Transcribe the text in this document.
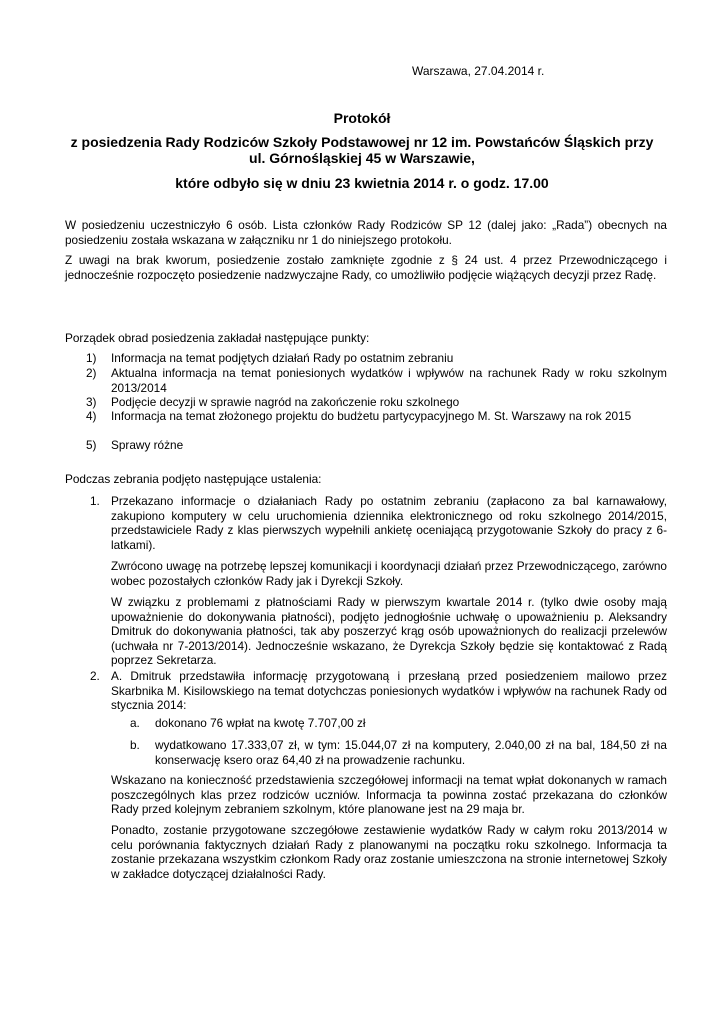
Warszawa, 27.04.2014 r.
Protokół
z posiedzenia Rady Rodziców Szkoły Podstawowej nr 12 im. Powstańców Śląskich przy ul. Górnośląskiej 45 w Warszawie,
które odbyło się w dniu 23 kwietnia 2014 r. o godz. 17.00
W posiedzeniu uczestniczyło 6 osób. Lista członków Rady Rodziców SP 12 (dalej jako: „Rada”) obecnych na posiedzeniu została wskazana w załączniku nr 1 do niniejszego protokołu.
Z uwagi na brak kworum, posiedzenie zostało zamknięte zgodnie z § 24 ust. 4 przez Przewodniczącego i jednocześnie rozpoczęto posiedzenie nadzwyczajne Rady, co umożliwiło podjęcie wiążących decyzji przez Radę.
Porządek obrad posiedzenia zakładał następujące punkty:
1) Informacja na temat podjętych działań Rady po ostatnim zebraniu
2) Aktualna informacja na temat poniesionych wydatków i wpływów na rachunek Rady w roku szkolnym 2013/2014
3) Podjęcie decyzji w sprawie nagród na zakończenie roku szkolnego
4) Informacja na temat złożonego projektu do budżetu partycypacyjnego M. St. Warszawy na rok 2015
5) Sprawy różne
Podczas zebrania podjęto następujące ustalenia:
1. Przekazano informacje o działaniach Rady po ostatnim zebraniu (zapłacono za bal karnawałowy, zakupiono komputery w celu uruchomienia dziennika elektronicznego od roku szkolnego 2014/2015, przedstawiciele Rady z klas pierwszych wypełnili ankietę oceniającą przygotowanie Szkoły do pracy z 6-latkami).
Zwrócono uwagę na potrzebę lepszej komunikacji i koordynacji działań przez Przewodniczącego, zarówno wobec pozostałych członków Rady jak i Dyrekcji Szkoły.
W związku z problemami z płatnościami Rady w pierwszym kwartale 2014 r. (tylko dwie osoby mają upoważnienie do dokonywania płatności), podjęto jednogłośnie uchwałę o upoważnieniu p. Aleksandry Dmitruk do dokonywania płatności, tak aby poszerzyć krąg osób upoważnionych do realizacji przelewów (uchwała nr 7-2013/2014). Jednocześnie wskazano, że Dyrekcja Szkoły będzie się kontaktować z Radą poprzez Sekretarza.
2. A. Dmitruk przedstawiła informację przygotowaną i przesłaną przed posiedzeniem mailowo przez Skarbnika M. Kisilowskiego na temat dotychczas poniesionych wydatków i wpływów na rachunek Rady od stycznia 2014:
a. dokonano 76 wpłat na kwotę 7.707,00 zł
b. wydatkowano 17.333,07 zł, w tym: 15.044,07 zł na komputery, 2.040,00 zł na bal, 184,50 zł na konserwację ksero oraz 64,40 zł na prowadzenie rachunku.
Wskazano na konieczność przedstawienia szczegółowej informacji na temat wpłat dokonanych w ramach poszczególnych klas przez rodziców uczniów. Informacja ta powinna zostać przekazana do członków Rady przed kolejnym zebraniem szkolnym, które planowane jest na 29 maja br.
Ponadto, zostanie przygotowane szczegółowe zestawienie wydatków Rady w całym roku 2013/2014 w celu porównania faktycznych działań Rady z planowanymi na początku roku szkolnego. Informacja ta zostanie przekazana wszystkim członkom Rady oraz zostanie umieszczona na stronie internetowej Szkoły w zakładce dotyczącej działalności Rady.
